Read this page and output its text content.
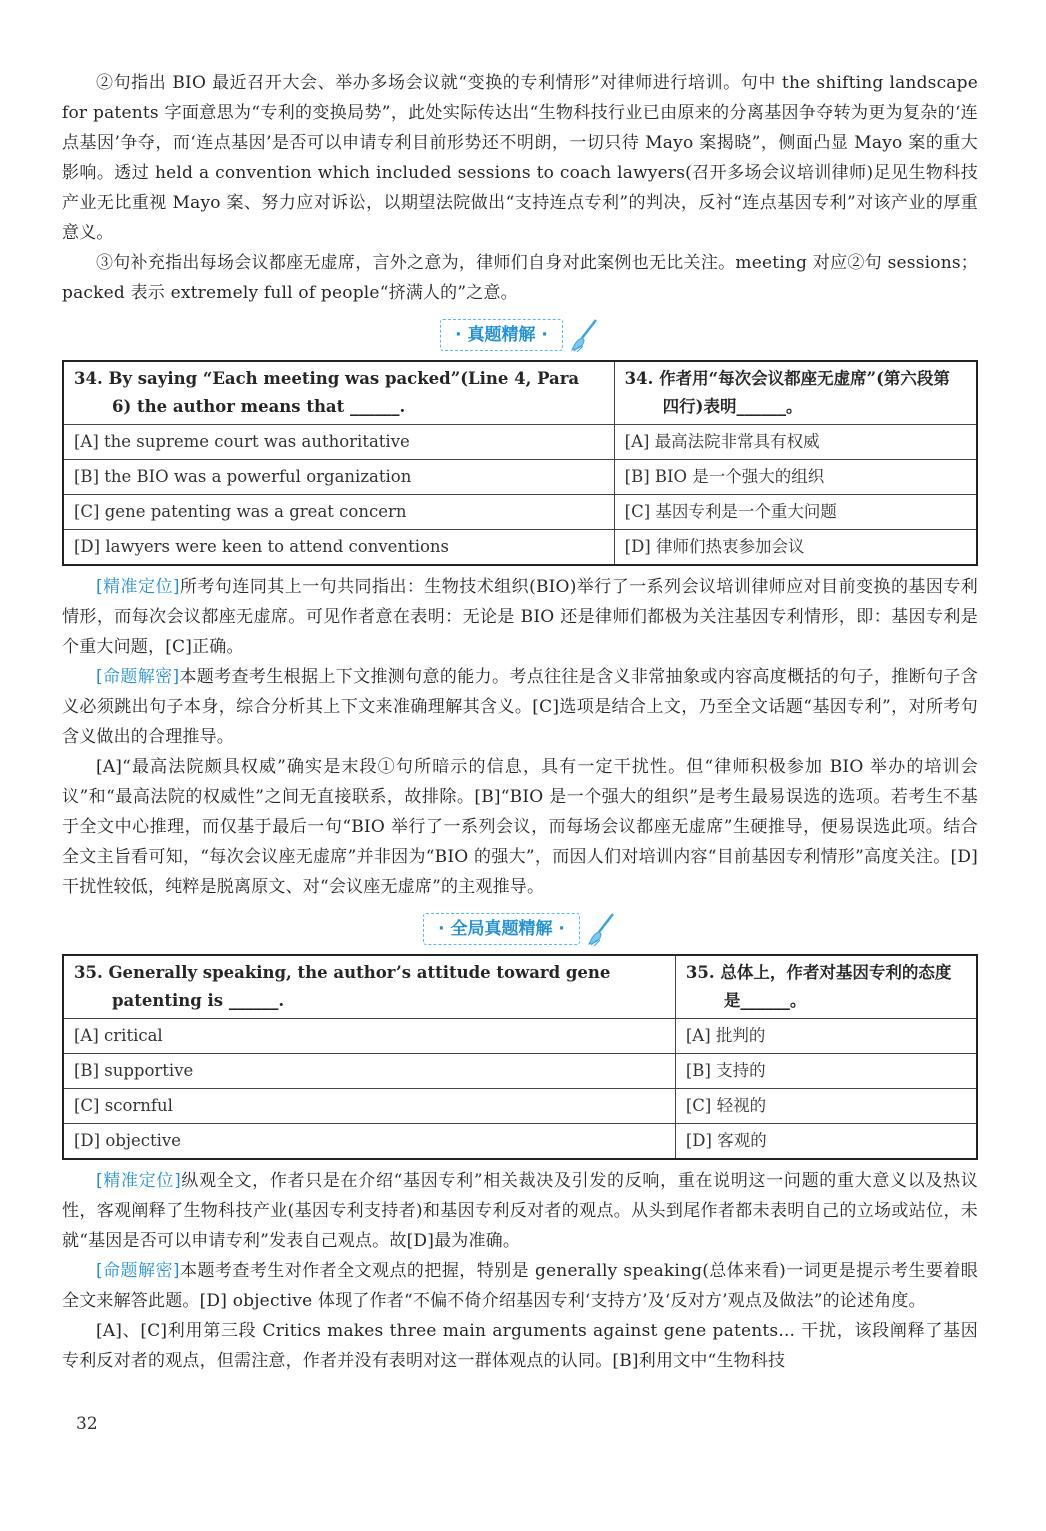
②句指出 BIO 最近召开大会、举办多场会议就“变换的专利情形”对律师进行培训。句中 the shifting landscape for patents 字面意思为“专利的变换局势”，此处实际传达出“生物科技行业已由原来的分离基因争夺转为更为复杂的‘连点基因’争夺，而‘连点基因’是否可以申请专利目前形势还不明朗，一切只待 Mayo 案揭晓”，侧面凸显 Mayo 案的重大影响。透过 held a convention which included sessions to coach lawyers(召开多场会议培训律师)足见生物科技产业无比重视 Mayo 案、努力应对诉讼，以期望法院做出“支持连点专利”的判决，反衬“连点基因专利”对该产业的厚重意义。

③句补充指出每场会议都座无虚席，言外之意为，律师们自身对此案例也无比关注。meeting 对应②句 sessions；packed 表示 extremely full of people“挤满人的”之意。

· 真题精解 ·
34. By saying “Each meeting was packed”(Line 4, Para 6) the author means that ______.	34. 作者用“每次会议都座无虚席”(第六段第四行)表明______。

[A] the supreme court was authoritative	[A] 最高法院非常具有权威
[B] the BIO was a powerful organization	[B] BIO 是一个强大的组织
[C] gene patenting was a great concern	[C] 基因专利是一个重大问题
[D] lawyers were keen to attend conventions	[D] 律师们热衷参加会议

[精准定位]所考句连同其上一句共同指出：生物技术组织(BIO)举行了一系列会议培训律师应对目前变换的基因专利情形，而每次会议都座无虚席。可见作者意在表明：无论是 BIO 还是律师们都极为关注基因专利情形，即：基因专利是个重大问题，[C]正确。

[命题解密]本题考查考生根据上下文推测句意的能力。考点往往是含义非常抽象或内容高度概括的句子，推断句子含义必须跳出句子本身，综合分析其上下文来准确理解其含义。[C]选项是结合上文，乃至全文话题“基因专利”，对所考句含义做出的合理推导。

[A]“最高法院颇具权威”确实是末段①句所暗示的信息，具有一定干扰性。但“律师积极参加 BIO 举办的培训会议”和“最高法院的权威性”之间无直接联系，故排除。[B]“BIO 是一个强大的组织”是考生最易误选的选项。若考生不基于全文中心推理，而仅基于最后一句“BIO 举行了一系列会议，而每场会议都座无虚席”生硬推导，便易误选此项。结合全文主旨看可知，“每次会议座无虚席”并非因为“BIO 的强大”，而因人们对培训内容“目前基因专利情形”高度关注。[D]干扰性较低，纯粹是脱离原文、对“会议座无虚席”的主观推导。

· 全局真题精解 ·
35. Generally speaking, the author’s attitude toward gene patenting is ______.	35. 总体上，作者对基因专利的态度是______。

[A] critical	[A] 批判的
[B] supportive	[B] 支持的
[C] scornful	[C] 轻视的
[D] objective	[D] 客观的

[精准定位]纵观全文，作者只是在介绍“基因专利”相关裁决及引发的反响，重在说明这一问题的重大意义以及热议性，客观阐释了生物科技产业(基因专利支持者)和基因专利反对者的观点。从头到尾作者都未表明自己的立场或站位，未就“基因是否可以申请专利”发表自己观点。故[D]最为准确。

[命题解密]本题考查考生对作者全文观点的把握，特别是 generally speaking(总体来看)一词更是提示考生要着眼全文来解答此题。[D] objective 体现了作者“不偏不倚介绍基因专利‘支持方’及‘反对方’观点及做法”的论述角度。

[A]、[C]利用第三段 Critics makes three main arguments against gene patents... 干扰，该段阐释了基因专利反对者的观点，但需注意，作者并没有表明对这一群体观点的认同。[B]利用文中“生物科技

32
